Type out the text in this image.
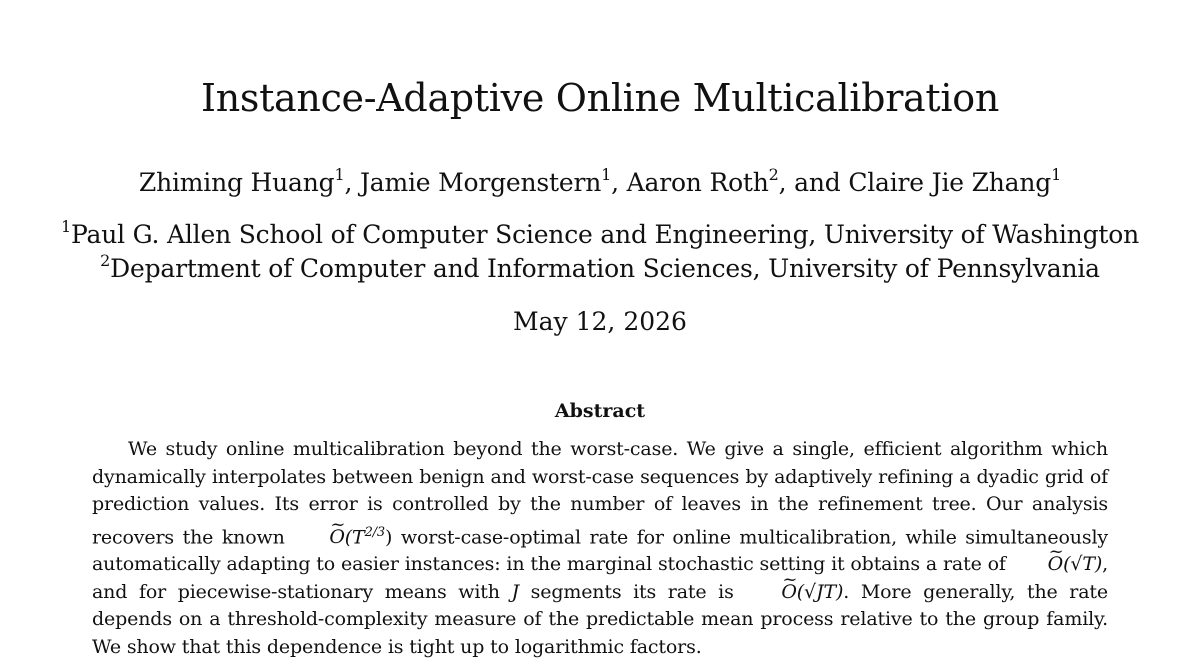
Instance-Adaptive Online Multicalibration
Zhiming Huang$^1$, Jamie Morgenstern$^1$, Aaron Roth$^2$, and Claire Jie Zhang$^1$
$^1$Paul G. Allen School of Computer Science and Engineering, University of Washington
$^2$Department of Computer and Information Sciences, University of Pennsylvania
May 12, 2026
Abstract
We study online multicalibration beyond the worst-case. We give a single, efficient algorithm which dynamically interpolates between benign and worst-case sequences by adaptively refining a dyadic grid of prediction values. Its error is controlled by the number of leaves in the refinement tree. Our analysis recovers the known ~ $O(T^{2/3})$ worst-case-optimal rate for online multicalibration, while simultaneously automatically adapting to easier instances: in the marginal stochastic setting it obtains a rate of ~ O(√T), and for piecewise-stationary means with J segments its rate is ~ O(√JT). More generally, the rate depends on a threshold-complexity measure of the predictable mean process relative to the group family. We show that this dependence is tight up to logarithmic factors.
